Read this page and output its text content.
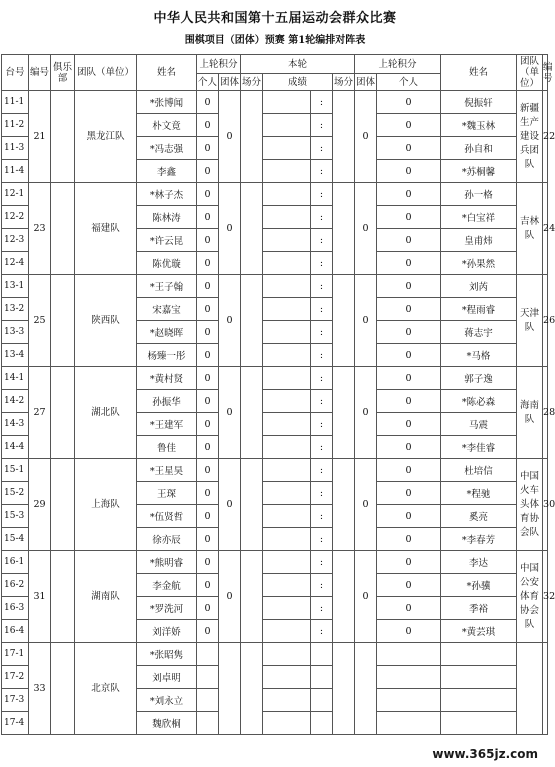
中华人民共和国第十五届运动会群众比赛
围棋项目（团体）预赛 第1轮编排对阵表
台号	编号	俱乐部	团队（单位）	姓名	上轮积分		本轮				上轮积分		姓名	团队（单位）	编号
					个人	团体	场分	成绩		场分	团体	个人			
11-1	21		黑龙江队	*张博闻	0	0			:		0	0	倪振轩	新疆生产建设兵团队	22
11-2				朴文竟	0				:			0	*魏玉林		
11-3				*冯志强	0				:			0	孙自和		
11-4				李鑫	0				:			0	*苏桐馨		
12-1	23		福建队	*林子杰	0	0			:		0	0	孙一格	吉林队	24
12-2				陈林涛	0				:			0	*白宝祥		
12-3				*许云昆	0				:			0	皇甫炜		
12-4				陈优璇	0				:			0	*孙果然		
13-1	25		陕西队	*王子翰	0	0			:		0	0	刘芮	天津队	26
13-2				宋嘉宝	0				:			0	*程雨睿		
13-3				*赵晓晖	0				:			0	蒋志宇		
13-4				杨臻一彤	0				:			0	*马格		
14-1	27		湖北队	*黄村贤	0	0			:		0	0	郭子逸	海南队	28
14-2				孙振华	0				:			0	*陈必森		
14-3				*王建军	0				:			0	马震		
14-4				鲁佳	0				:			0	*李佳睿		
15-1	29		上海队	*王星昊	0	0			:		0	0	杜培信	中国火车头体育协会队	30
15-2				王琛	0				:			0	*程驰		
15-3				*伍贤哲	0				:			0	奚亮		
15-4				徐亦辰	0				:			0	*李春芳		
16-1	31		湖南队	*熊明睿	0	0			:		0	0	李达	中国公安体育协会队	32
16-2				李金航	0				:			0	*孙骥		
16-3				*罗洗河	0				:			0	季裕		
16-4				刘洋娇	0				:			0	*黄芸琪		
17-1	33		北京队	*张昭隽											
17-2				刘卓明											
17-3				*刘永立											
17-4				魏欣桐											
www.365jz.com
